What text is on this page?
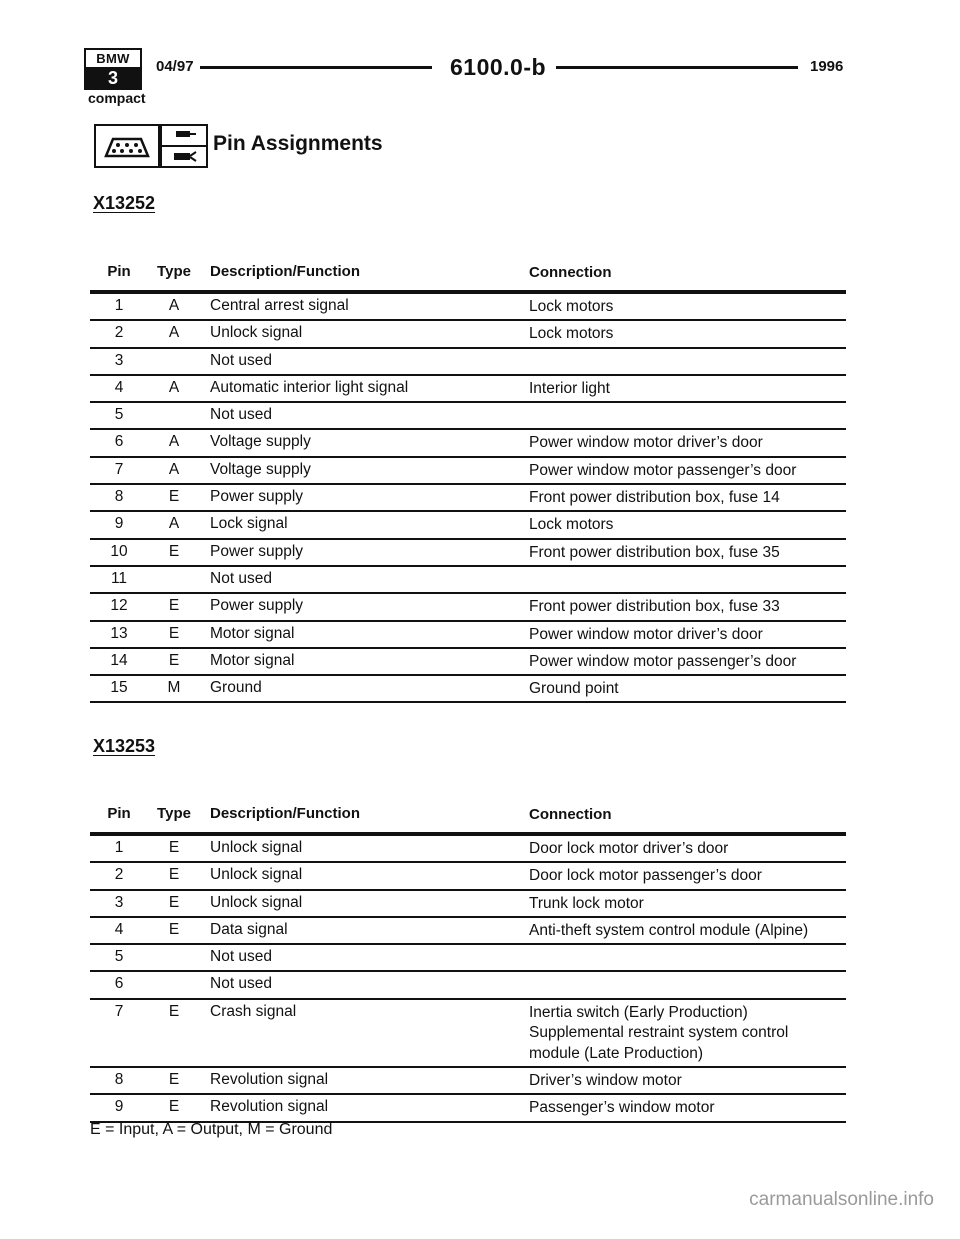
BMW
3
compact
04/97	6100.0-b	1996
Pin Assignments
X13252
Pin	Type Description/Function	Connection
1	A	Central arrest signal	Lock motors
2	A	Unlock signal	Lock motors
3	Not used
4	A	Automatic interior light signal	Interior light
5	Not used
6	A	Voltage supply	Power window motor driver’s door
7	A	Voltage supply	Power window motor passenger’s door
8	E	Power supply	Front power distribution box, fuse 14
9	A	Lock signal	Lock motors
10	E	Power supply	Front power distribution box, fuse 35
11	Not used
12	E	Power supply	Front power distribution box, fuse 33
13	E	Motor signal	Power window motor driver’s door
14	E	Motor signal	Power window motor passenger’s door
15	M	Ground	Ground point
X13253
Pin	Type Description/Function	Connection
1	E	Unlock signal	Door lock motor driver’s door
2	E	Unlock signal	Door lock motor passenger’s door
3	E	Unlock signal	Trunk lock motor
4	E	Data signal	Anti-theft system control module (Alpine)
5	Not used
6	Not used
7	E	Crash signal	Inertia switch (Early Production)
Supplemental restraint system control
module (Late Production)
8	E	Revolution signal	Driver’s window motor
9	E	Revolution signal	Passenger’s window motor
E = Input, A = Output, M = Ground
carmanualsonline.info
